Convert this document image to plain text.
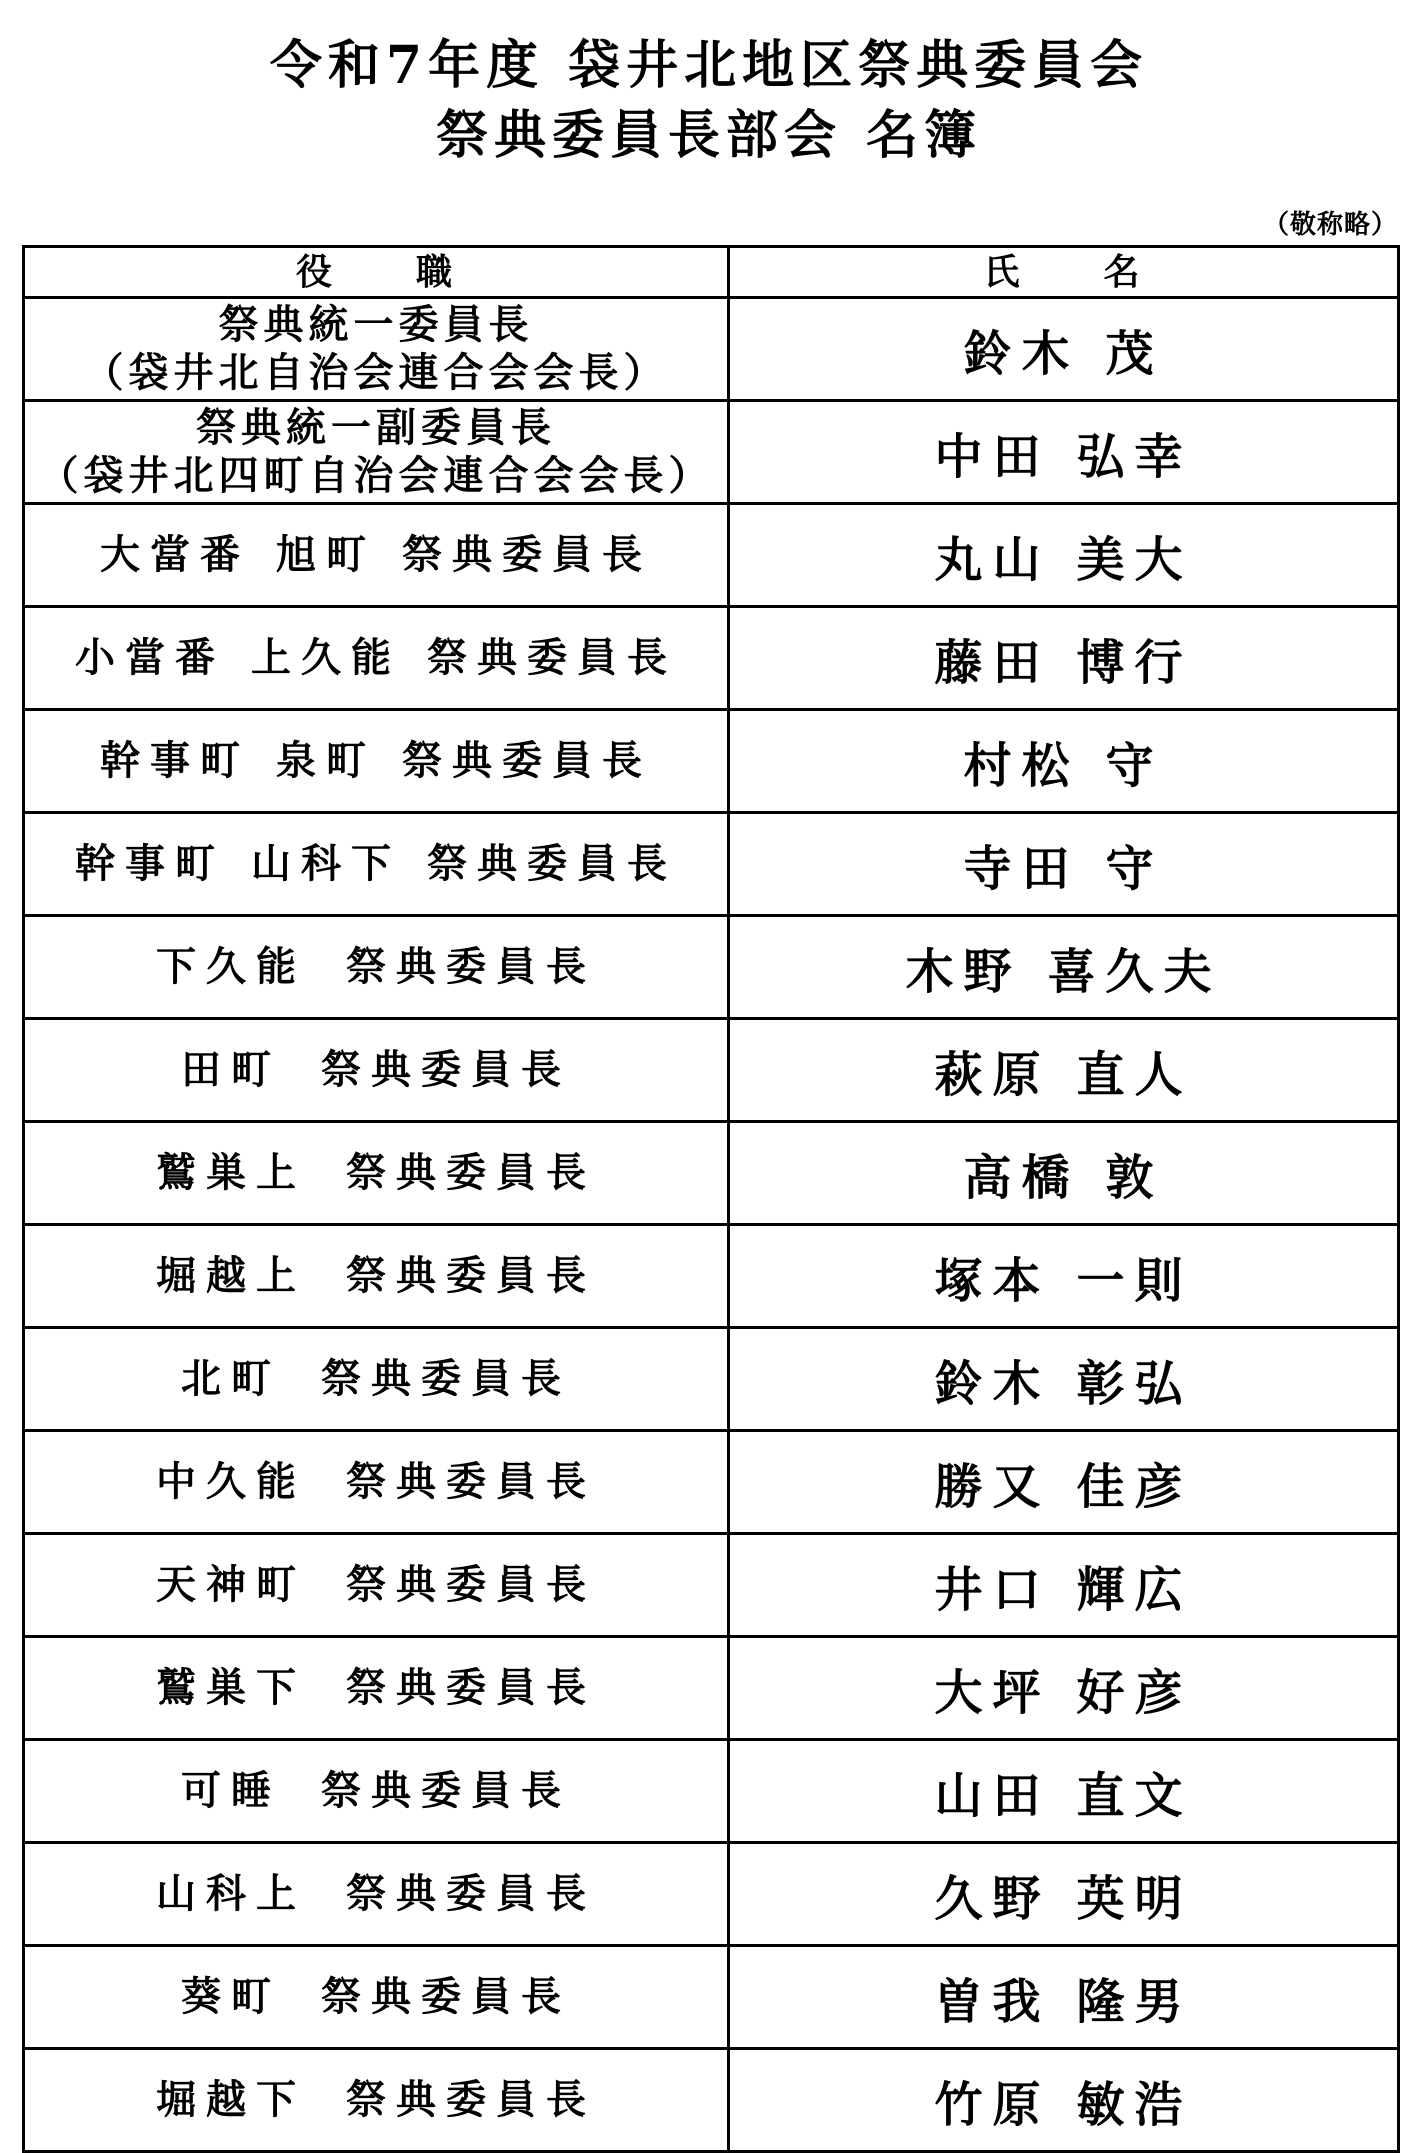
令和7年度 袋井北地区祭典委員会
祭典委員長部会 名簿
（敬称略）
役　　職	氏　　名

祭典統一委員長
（袋井北自治会連合会会長）	鈴木 茂

祭典統一副委員長
（袋井北四町自治会連合会会長）	中田 弘幸
大當番 旭町 祭典委員長	丸山 美大
小當番 上久能 祭典委員長	藤田 博行
幹事町 泉町 祭典委員長	村松 守
幹事町 山科下 祭典委員長	寺田 守
下久能 祭典委員長	木野 喜久夫
田町 祭典委員長	萩原 直人
鷲巣上 祭典委員長	高橋 敦
堀越上 祭典委員長	塚本 一則
北町 祭典委員長	鈴木 彰弘
中久能 祭典委員長	勝又 佳彦
天神町 祭典委員長	井口 輝広
鷲巣下 祭典委員長	大坪 好彦
可睡 祭典委員長	山田 直文
山科上 祭典委員長	久野 英明
葵町 祭典委員長	曽我 隆男
堀越下 祭典委員長	竹原 敏浩
